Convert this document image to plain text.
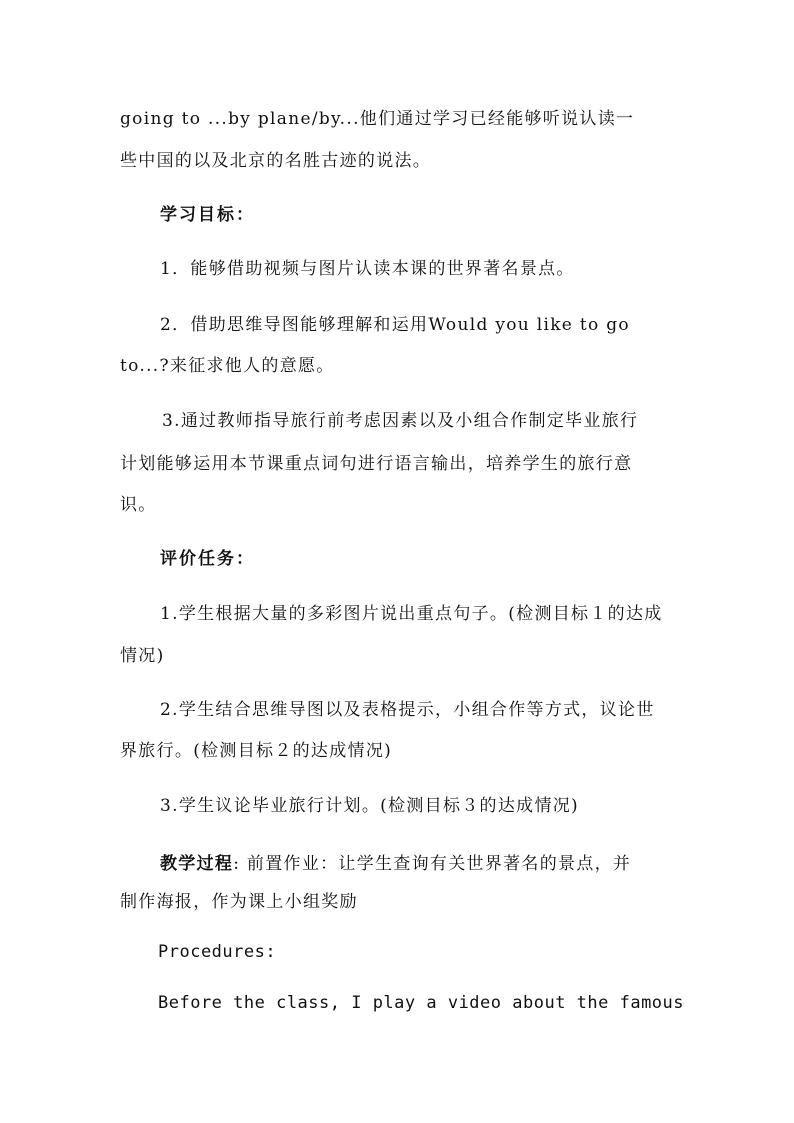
going to ...by plane/by...他们通过学习已经能够听说认读一
些中国的以及北京的名胜古迹的说法。
学习目标：
1．能够借助视频与图片认读本课的世界著名景点。
2．借助思维导图能够理解和运用Would you like to go
to...?来征求他人的意愿。
3.通过教师指导旅行前考虑因素以及小组合作制定毕业旅行
计划能够运用本节课重点词句进行语言输出，培养学生的旅行意
识。
评价任务：
1.学生根据大量的多彩图片说出重点句子。(检测目标１的达成
情况)
2.学生结合思维导图以及表格提示，小组合作等方式，议论世
界旅行。(检测目标２的达成情况)
3.学生议论毕业旅行计划。(检测目标３的达成情况)
教学过程: 前置作业：让学生查询有关世界著名的景点，并
制作海报，作为课上小组奖励
Procedures:
Before the class, I play a video about the famous
